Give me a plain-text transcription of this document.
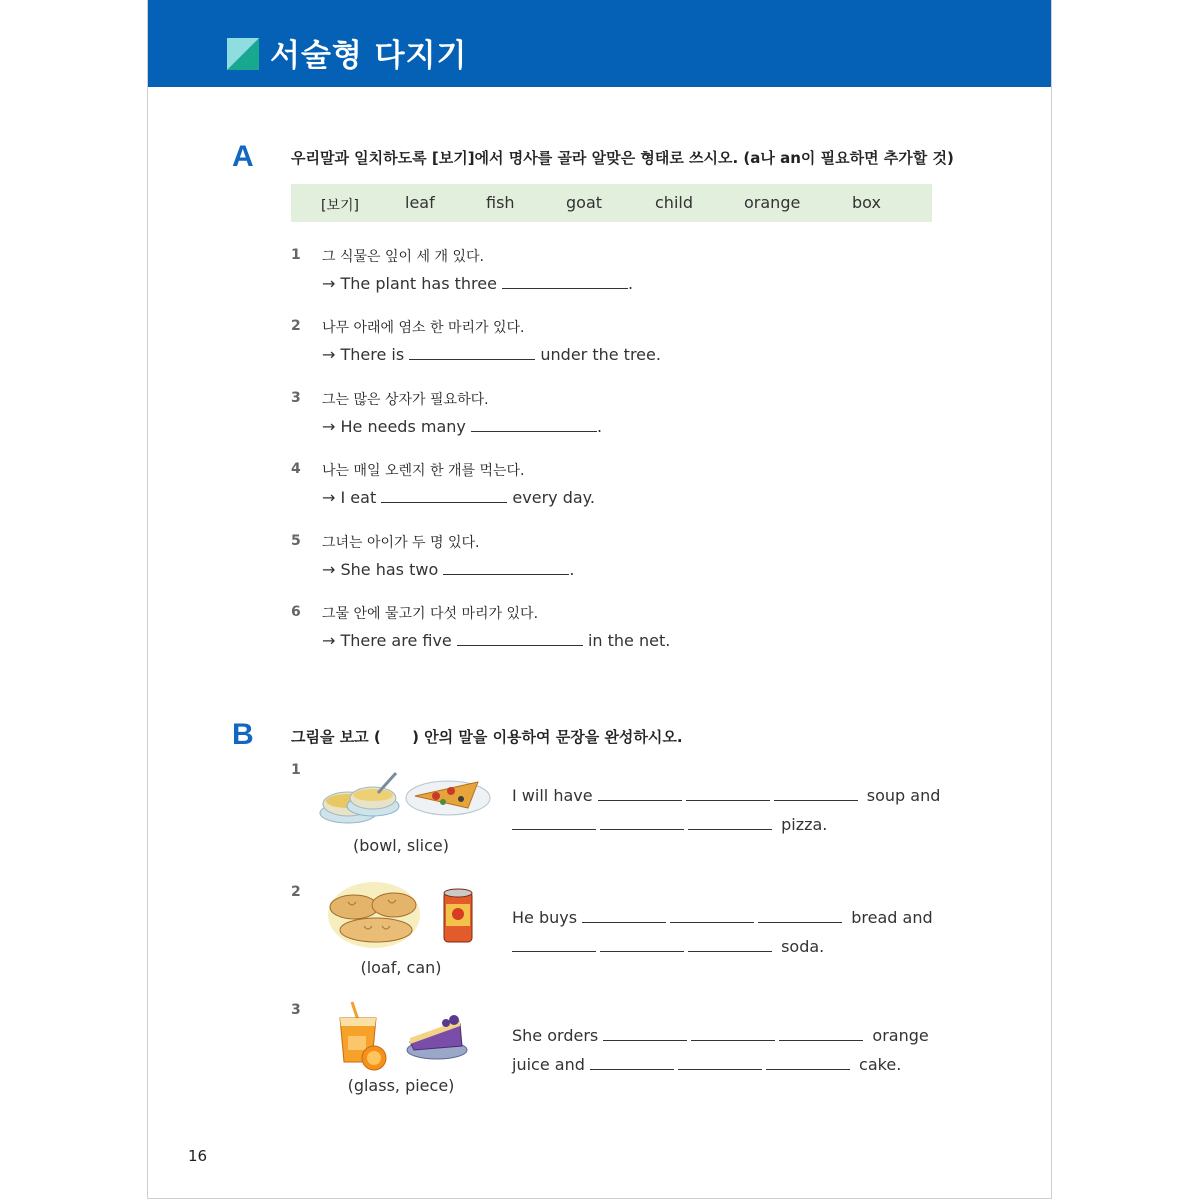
서술형 다지기
A 우리말과 일치하도록 [보기]에서 명사를 골라 알맞은 형태로 쓰시오. (a나 an이 필요하면 추가할 것)
[보기]	leaf	fish	goat	child	orange	box
1 그 식물은 잎이 세 개 있다.
→ The plant has three	.
2 나무 아래에 염소 한 마리가 있다.
→ There is	under the tree.
3 그는 많은 상자가 필요하다.
→ He needs many	.
4 나는 매일 오렌지 한 개를 먹는다.
→ I eat	every day.
5 그녀는 아이가 두 명 있다.
→ She has two	.
6 그물 안에 물고기 다섯 마리가 있다.
→ There are five	in the net.
B 그림을 보고 (      ) 안의 말을 이용하여 문장을 완성하시오.
1
(bowl, slice)
I will have	soup and
pizza.
2
(loaf, can)
He buys	bread and
soda.
3
(glass, piece)
She orders	orange
juice and	cake.
16
